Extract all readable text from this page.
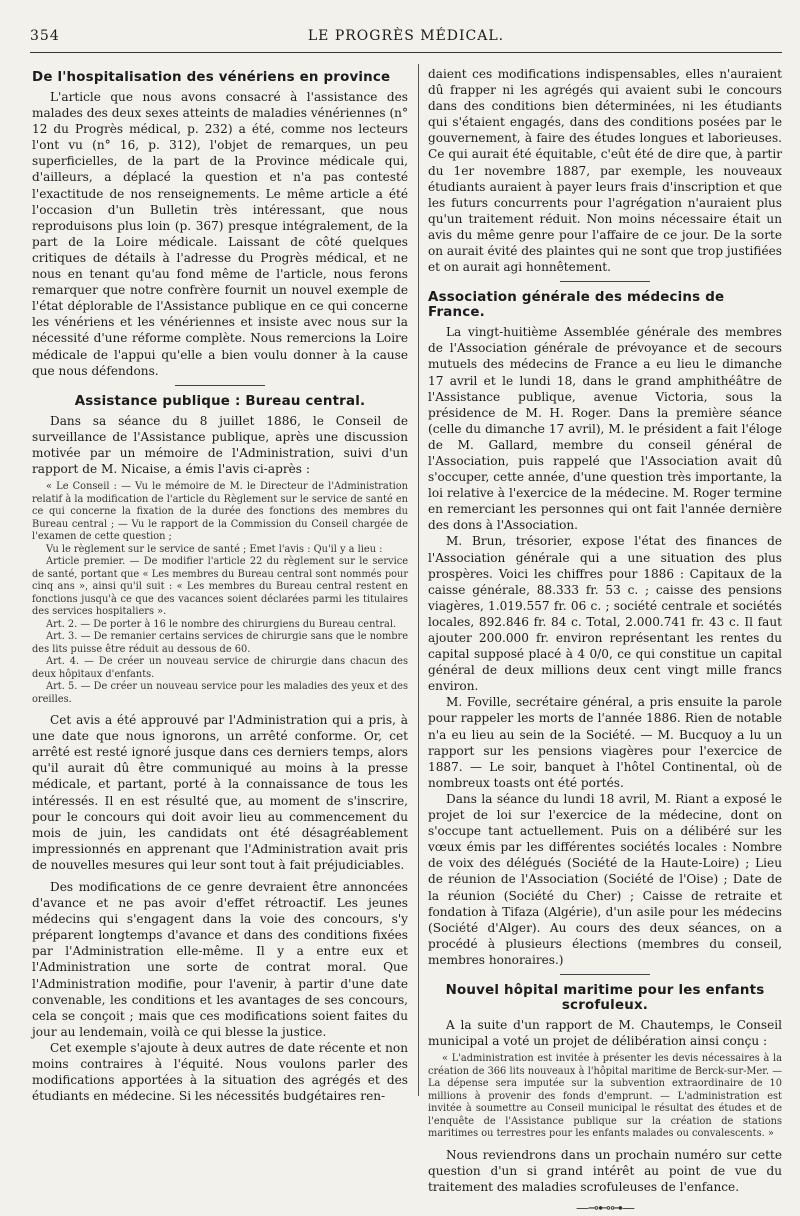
354	LE PROGRÈS MÉDICAL.
De l'hospitalisation des vénériens en province

L'article que nous avons consacré à l'assistance des malades des deux sexes atteints de maladies vénériennes (n° 12 du Progrès médical, p. 232) a été, comme nos lecteurs l'ont vu (n° 16, p. 312), l'objet de remarques, un peu superficielles, de la part de la Province médicale qui, d'ailleurs, a déplacé la question et n'a pas contesté l'exactitude de nos renseignements. Le même article a été l'occasion d'un Bulletin très intéressant, que nous reproduisons plus loin (p. 367) presque intégralement, de la part de la Loire médicale. Laissant de côté quelques critiques de détails à l'adresse du Progrès médical, et ne nous en tenant qu'au fond même de l'article, nous ferons remarquer que notre confrère fournit un nouvel exemple de l'état déplorable de l'Assistance publique en ce qui concerne les vénériens et les vénériennes et insiste avec nous sur la nécessité d'une réforme complète. Nous remercions la Loire médicale de l'appui qu'elle a bien voulu donner à la cause que nous défendons.

Assistance publique : Bureau central.

Dans sa séance du 8 juillet 1886, le Conseil de surveillance de l'Assistance publique, après une discussion motivée par un mémoire de l'Administration, suivi d'un rapport de M. Nicaise, a émis l'avis ci-après :

« Le Conseil : — Vu le mémoire de M. le Directeur de l'Administration relatif à la modification de l'article du Règlement sur le service de santé en ce qui concerne la fixation de la durée des fonctions des membres du Bureau central ; — Vu le rapport de la Commission du Conseil chargée de l'examen de cette question ;

Vu le règlement sur le service de santé ; Emet l'avis : Qu'il y a lieu :

Article premier. — De modifier l'article 22 du règlement sur le service de santé, portant que « Les membres du Bureau central sont nommés pour cinq ans », ainsi qu'il suit : « Les membres du Bureau central restent en fonctions jusqu'à ce que des vacances soient déclarées parmi les titulaires des services hospitaliers ».

Art. 2. — De porter à 16 le nombre des chirurgiens du Bureau central.

Art. 3. — De remanier certains services de chirurgie sans que le nombre des lits puisse être réduit au dessous de 60.

Art. 4. — De créer un nouveau service de chirurgie dans chacun des deux hôpitaux d'enfants.

Art. 5. — De créer un nouveau service pour les maladies des yeux et des oreilles.

Cet avis a été approuvé par l'Administration qui a pris, à une date que nous ignorons, un arrêté conforme. Or, cet arrêté est resté ignoré jusque dans ces derniers temps, alors qu'il aurait dû être communiqué au moins à la presse médicale, et partant, porté à la connaissance de tous les intéressés. Il en est résulté que, au moment de s'inscrire, pour le concours qui doit avoir lieu au commencement du mois de juin, les candidats ont été désagréablement impressionnés en apprenant que l'Administration avait pris de nouvelles mesures qui leur sont tout à fait préjudiciables.

Des modifications de ce genre devraient être annoncées d'avance et ne pas avoir d'effet rétroactif. Les jeunes médecins qui s'engagent dans la voie des concours, s'y préparent longtemps d'avance et dans des conditions fixées par l'Administration elle-même. Il y a entre eux et l'Administration une sorte de contrat moral. Que l'Administration modifie, pour l'avenir, à partir d'une date convenable, les conditions et les avantages de ses concours, cela se conçoit ; mais que ces modifications soient faites du jour au lendemain, voilà ce qui blesse la justice.

Cet exemple s'ajoute à deux autres de date récente et non moins contraires à l'équité. Nous voulons parler des modifications apportées à la situation des agrégés et des étudiants en médecine. Si les nécessités budgétaires ren-

daient ces modifications indispensables, elles n'auraient dû frapper ni les agrégés qui avaient subi le concours dans des conditions bien déterminées, ni les étudiants qui s'étaient engagés, dans des conditions posées par le gouvernement, à faire des études longues et laborieuses. Ce qui aurait été équitable, c'eût été de dire que, à partir du 1er novembre 1887, par exemple, les nouveaux étudiants auraient à payer leurs frais d'inscription et que les futurs concurrents pour l'agrégation n'auraient plus qu'un traitement réduit. Non moins nécessaire était un avis du même genre pour l'affaire de ce jour. De la sorte on aurait évité des plaintes qui ne sont que trop justifiées et on aurait agi honnêtement.

Association générale des médecins de France.

La vingt-huitième Assemblée générale des membres de l'Association générale de prévoyance et de secours mutuels des médecins de France a eu lieu le dimanche 17 avril et le lundi 18, dans le grand amphithéâtre de l'Assistance publique, avenue Victoria, sous la présidence de M. H. Roger. Dans la première séance (celle du dimanche 17 avril), M. le président a fait l'éloge de M. Gallard, membre du conseil général de l'Association, puis rappelé que l'Association avait dû s'occuper, cette année, d'une question très importante, la loi relative à l'exercice de la médecine. M. Roger termine en remerciant les personnes qui ont fait l'année dernière des dons à l'Association.

M. Brun, trésorier, expose l'état des finances de l'Association générale qui a une situation des plus prospères. Voici les chiffres pour 1886 : Capitaux de la caisse générale, 88.333 fr. 53 c. ; caisse des pensions viagères, 1.019.557 fr. 06 c. ; société centrale et sociétés locales, 892.846 fr. 84 c. Total, 2.000.741 fr. 43 c. Il faut ajouter 200.000 fr. environ représentant les rentes du capital supposé placé à 4 0/0, ce qui constitue un capital général de deux millions deux cent vingt mille francs environ.

M. Foville, secrétaire général, a pris ensuite la parole pour rappeler les morts de l'année 1886. Rien de notable n'a eu lieu au sein de la Société. — M. Bucquoy a lu un rapport sur les pensions viagères pour l'exercice de 1887. — Le soir, banquet à l'hôtel Continental, où de nombreux toasts ont été portés.

Dans la séance du lundi 18 avril, M. Riant a exposé le projet de loi sur l'exercice de la médecine, dont on s'occupe tant actuellement. Puis on a délibéré sur les vœux émis par les différentes sociétés locales : Nombre de voix des délégués (Société de la Haute-Loire) ; Lieu de réunion de l'Association (Société de l'Oise) ; Date de la réunion (Société du Cher) ; Caisse de retraite et fondation à Tifaza (Algérie), d'un asile pour les médecins (Société d'Alger). Au cours des deux séances, on a procédé à plusieurs élections (membres du conseil, membres honoraires.)

Nouvel hôpital maritime pour les enfants scrofuleux.

A la suite d'un rapport de M. Chautemps, le Conseil municipal a voté un projet de délibération ainsi conçu :

« L'administration est invitée à présenter les devis nécessaires à la création de 366 lits nouveaux à l'hôpital maritime de Berck-sur-Mer. — La dépense sera imputée sur la subvention extraordinaire de 10 millions à provenir des fonds d'emprunt. — L'administration est invitée à soumettre au Conseil municipal le résultat des études et de l'enquête de l'Assistance publique sur la création de stations maritimes ou terrestres pour les enfants malades ou convalescents. »

Nous reviendrons dans un prochain numéro sur cette question d'un si grand intérêt au point de vue du traitement des maladies scrofuleuses de l'enfance.

—⊸⊷⊶—
